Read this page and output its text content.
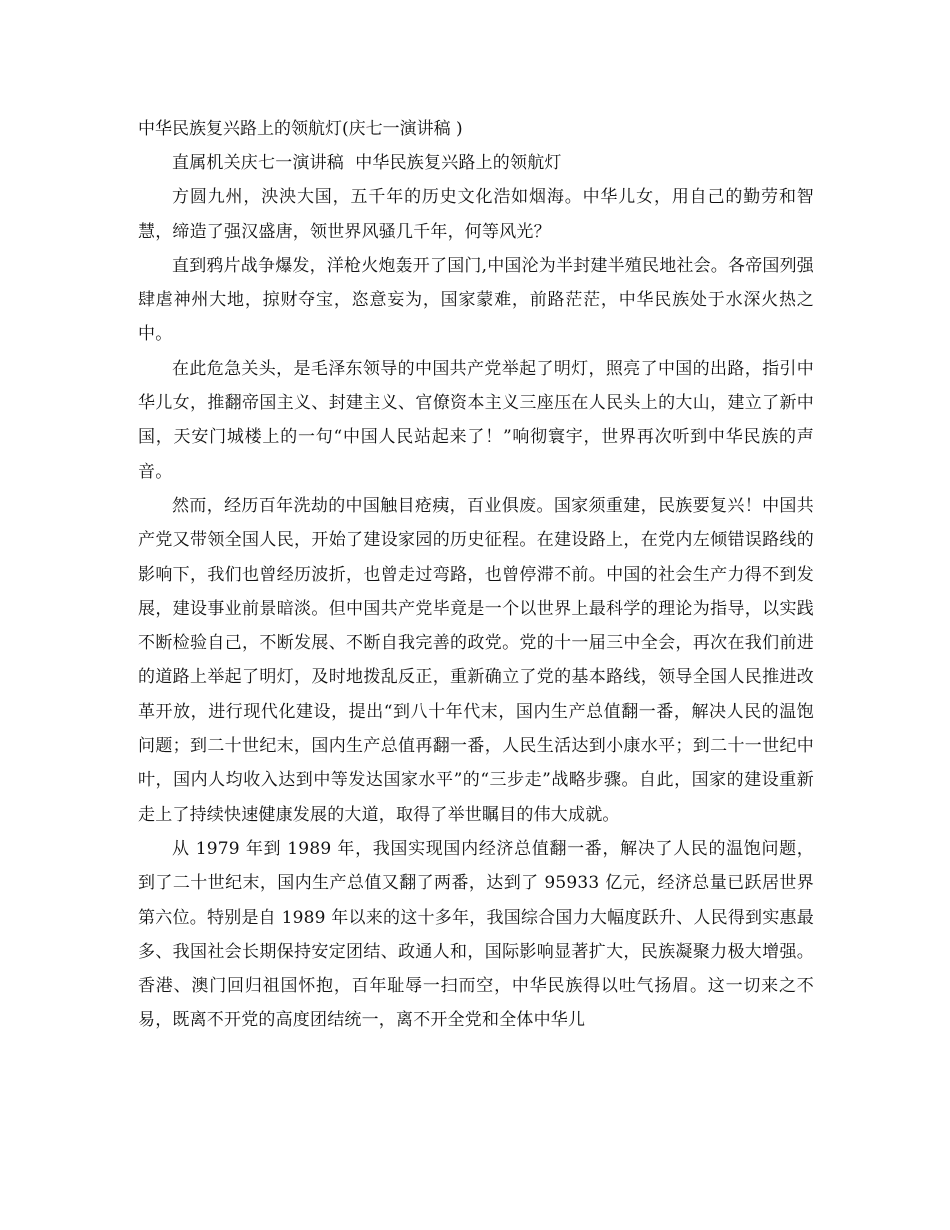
中华民族复兴路上的领航灯(庆七一演讲稿 )

直属机关庆七一演讲稿  中华民族复兴路上的领航灯

方圆九州，泱泱大国，五千年的历史文化浩如烟海。中华儿女，用自己的勤劳和智慧，缔造了强汉盛唐，领世界风骚几千年，何等风光？

直到鸦片战争爆发，洋枪火炮轰开了国门,中国沦为半封建半殖民地社会。各帝国列强肆虐神州大地，掠财夺宝，恣意妄为，国家蒙难，前路茫茫，中华民族处于水深火热之中。

在此危急关头，是毛泽东领导的中国共产党举起了明灯，照亮了中国的出路，指引中华儿女，推翻帝国主义、封建主义、官僚资本主义三座压在人民头上的大山，建立了新中国，天安门城楼上的一句“中国人民站起来了！”响彻寰宇，世界再次听到中华民族的声音。

然而，经历百年洗劫的中国触目疮痍，百业俱废。国家须重建，民族要复兴！中国共产党又带领全国人民，开始了建设家园的历史征程。在建设路上，在党内左倾错误路线的影响下，我们也曾经历波折，也曾走过弯路，也曾停滞不前。中国的社会生产力得不到发展，建设事业前景暗淡。但中国共产党毕竟是一个以世界上最科学的理论为指导，以实践不断检验自己，不断发展、不断自我完善的政党。党的十一届三中全会，再次在我们前进的道路上举起了明灯，及时地拨乱反正，重新确立了党的基本路线，领导全国人民推进改革开放，进行现代化建设，提出“到八十年代末，国内生产总值翻一番，解决人民的温饱问题；到二十世纪末，国内生产总值再翻一番，人民生活达到小康水平；到二十一世纪中叶，国内人均收入达到中等发达国家水平”的“三步走”战略步骤。自此，国家的建设重新走上了持续快速健康发展的大道，取得了举世瞩目的伟大成就。

从 1979 年到 1989 年，我国实现国内经济总值翻一番，解决了人民的温饱问题，到了二十世纪末，国内生产总值又翻了两番，达到了 95933 亿元，经济总量已跃居世界第六位。特别是自 1989 年以来的这十多年，我国综合国力大幅度跃升、人民得到实惠最多、我国社会长期保持安定团结、政通人和，国际影响显著扩大，民族凝聚力极大增强。香港、澳门回归祖国怀抱，百年耻辱一扫而空，中华民族得以吐气扬眉。这一切来之不易，既离不开党的高度团结统一，离不开全党和全体中华儿
